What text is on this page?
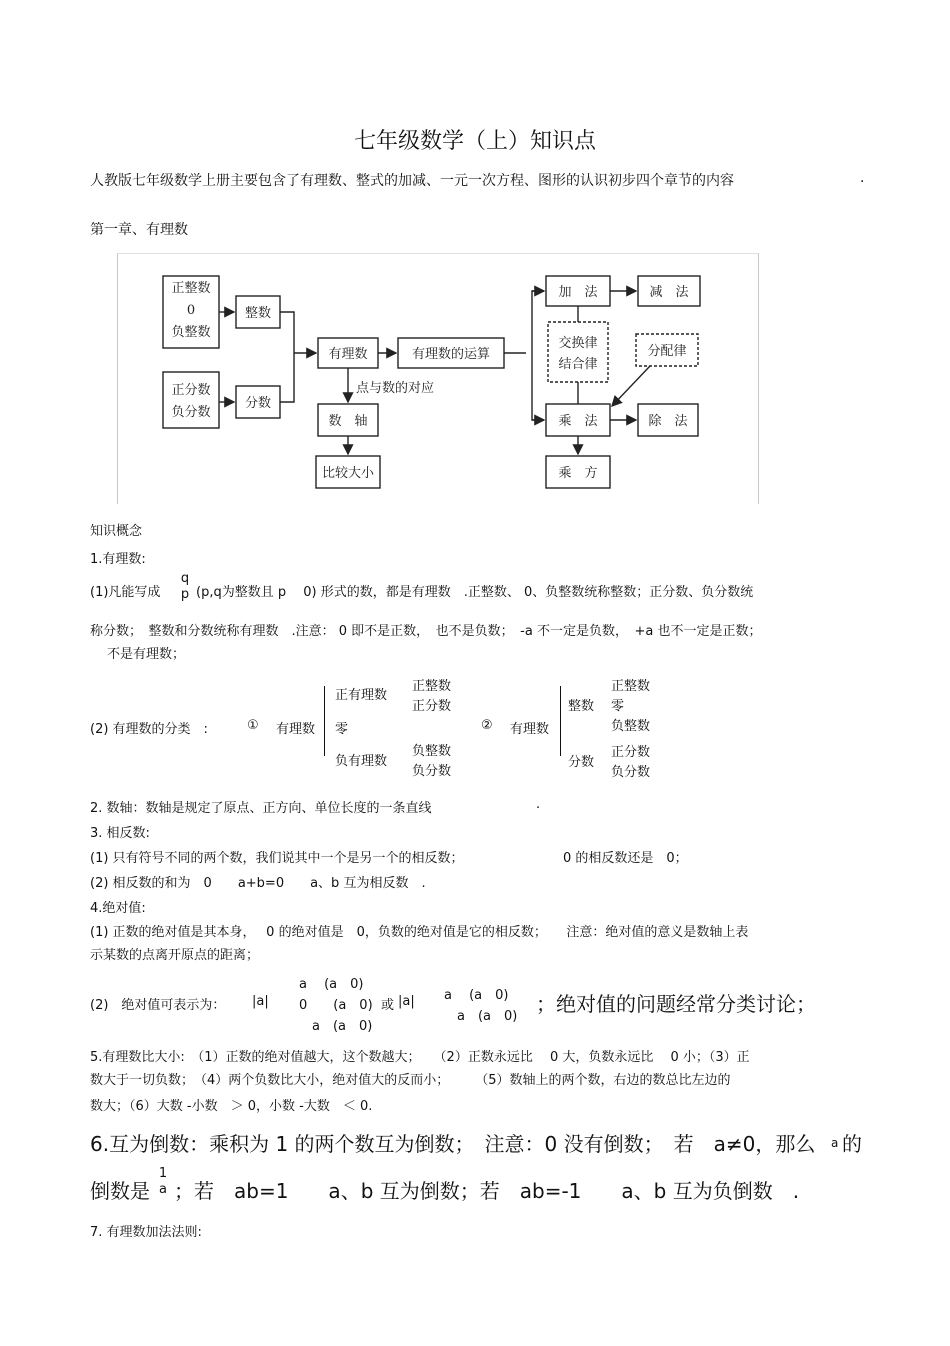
七年级数学（上）知识点
人教版七年级数学上册主要包含了有理数、整式的加减、一元一次方程、图形的认识初步四个章节的内容	.
第一章、有理数
正整数
0
负整数
正分数
负分数
整数
分数
有理数	有理数的运算
点与数的对应
数　轴
比较大小
加　法	减　法
交换律
结合律
分配律
乘　法	除　法
乘　方
知识概念
1.有理数:
(1)凡能写成
q
p (p,q为整数且 p　 0) 形式的数，都是有理数　.正整数、 0、负整数统称整数；正分数、负分数统
称分数；　整数和分数统称有理数　.注意： 0 即不是正数，　也不是负数；　-a 不一定是负数，　+a 也不一定是正数；
不是有理数；
(2) 有理数的分类　:	① 有理数
正有理数
正整数
正分数
零
负有理数
负整数
负分数
② 有理数
整数
正整数
零
负整数
分数
正分数
负分数
2. 数轴：数轴是规定了原点、正方向、单位长度的一条直线	.
3. 相反数:
(1) 只有符号不同的两个数，我们说其中一个是另一个的相反数；	0 的相反数还是　0；
(2) 相反数的和为　0　　a+b=0　　a、b 互为相反数　.
4.绝对值:
(1) 正数的绝对值是其本身，　 0 的绝对值是　0，负数的绝对值是它的相反数；　　注意：绝对值的意义是数轴上表
示某数的点离开原点的距离；
(2)　绝对值可表示为： |a|
a　 (a　0)
0　　(a　0)
a　(a　0)
或 |a| a　 (a　0)
a　(a　0)
；绝对值的问题经常分类讨论；
5.有理数比大小:　（1）正数的绝对值越大，这个数越大；　　（2）正数永远比　 0 大，负数永远比　 0 小；（3）正
数大于一切负数；　（4）两个负数比大小，绝对值大的反而小；　　　（5）数轴上的两个数，右边的数总比左边的
数大；（6）大数 -小数　＞ 0，小数 -大数　＜ 0.
6.互为倒数：乘积为 1 的两个数互为倒数；　注意：0 没有倒数；　若　a≠0，那么 a 的
倒数是
1
a ；若　ab=1　　a、b 互为倒数；若　ab=-1　　a、b 互为负倒数　.
7. 有理数加法法则:
